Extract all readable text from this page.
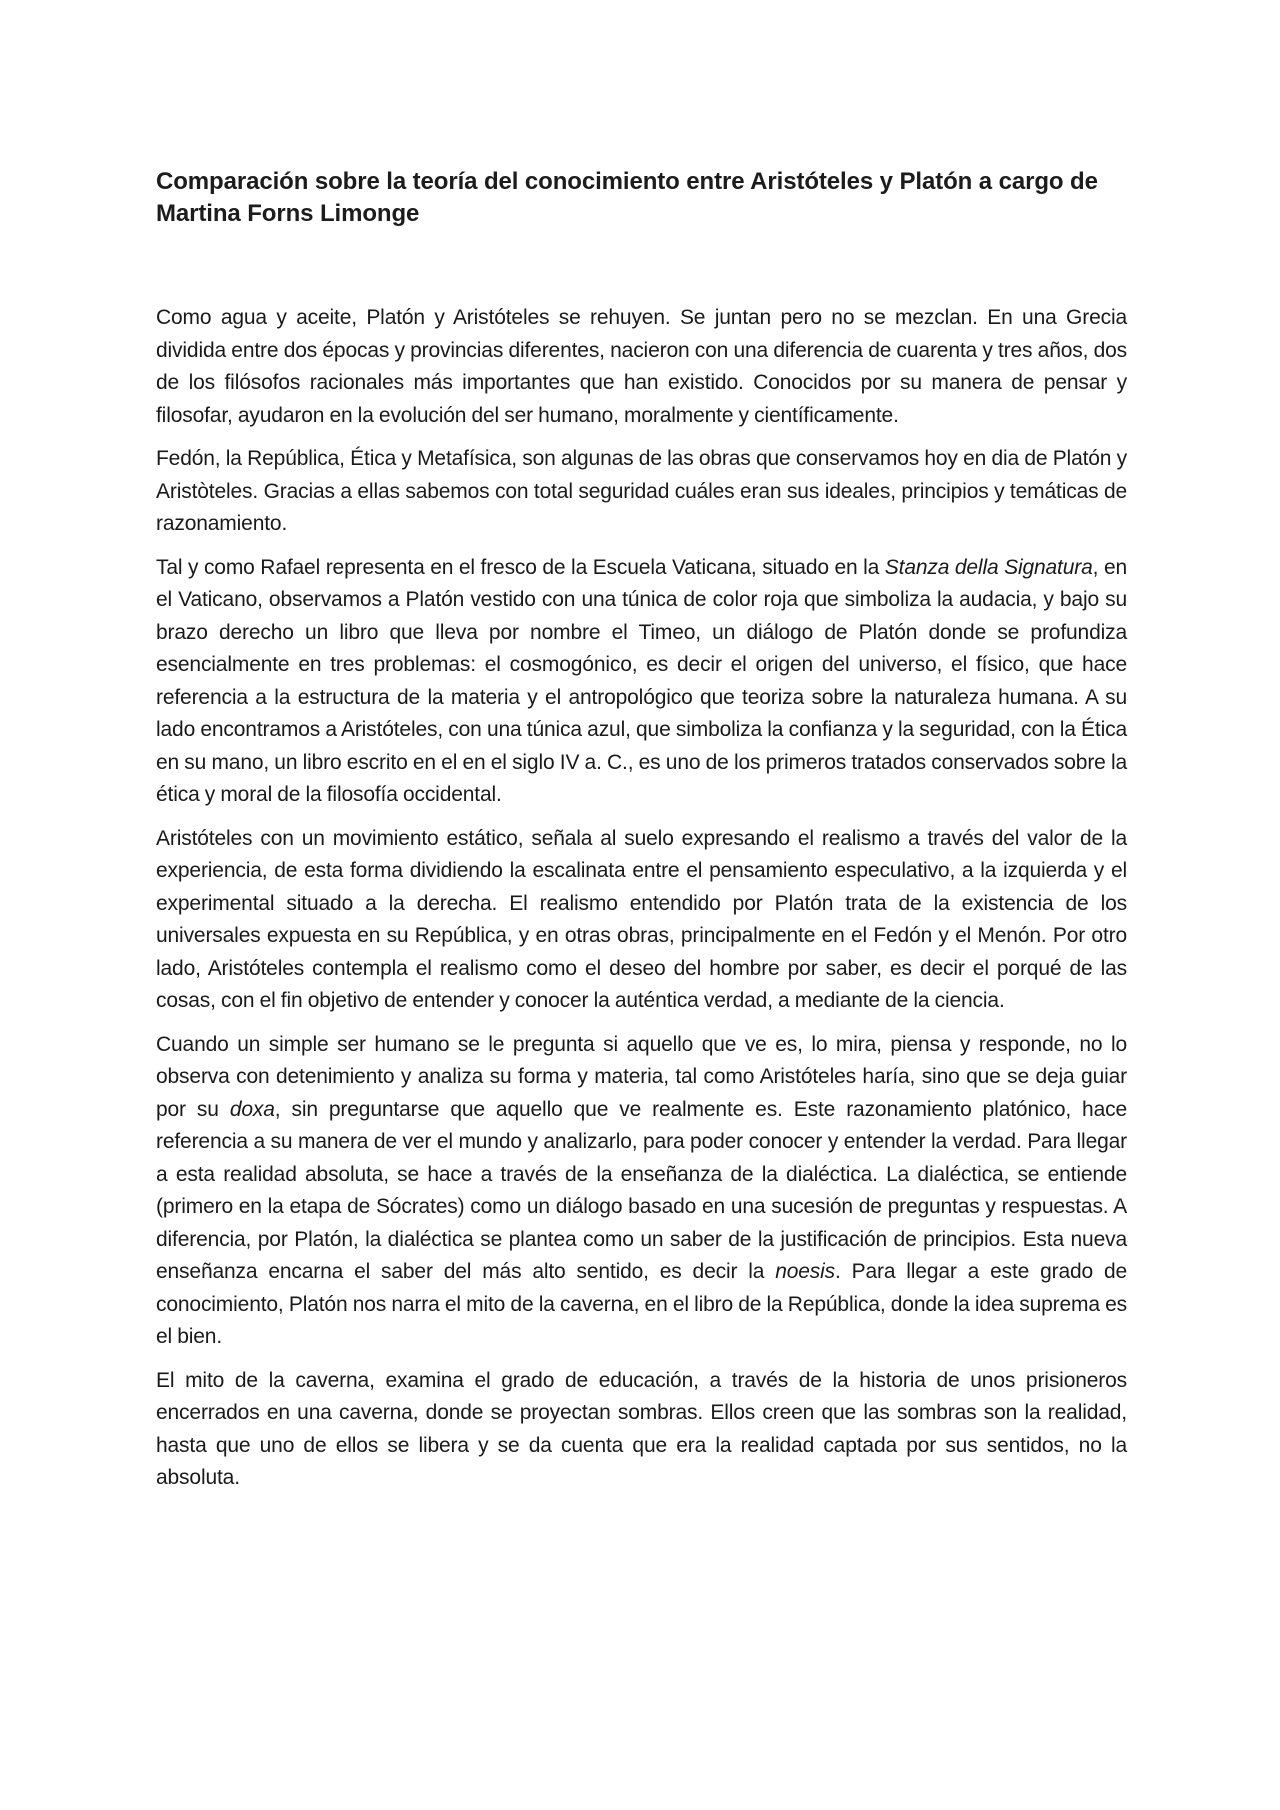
Comparación sobre la teoría del conocimiento entre Aristóteles y Platón a cargo de Martina Forns Limonge

Como agua y aceite, Platón y Aristóteles se rehuyen. Se juntan pero no se mezclan. En una Grecia dividida entre dos épocas y provincias diferentes, nacieron con una diferencia de cuarenta y tres años, dos de los filósofos racionales más importantes que han existido. Conocidos por su manera de pensar y filosofar, ayudaron en la evolución del ser humano, moralmente y científicamente.

Fedón, la República, Ética y Metafísica, son algunas de las obras que conservamos hoy en dia de Platón y Aristòteles. Gracias a ellas sabemos con total seguridad cuáles eran sus ideales, principios y temáticas de razonamiento.

Tal y como Rafael representa en el fresco de la Escuela Vaticana, situado en la Stanza della Signatura, en el Vaticano, observamos a Platón vestido con una túnica de color roja que simboliza la audacia, y bajo su brazo derecho un libro que lleva por nombre el Timeo, un diálogo de Platón donde se profundiza esencialmente en tres problemas: el cosmogónico, es decir el origen del universo, el físico, que hace referencia a la estructura de la materia y el antropológico que teoriza sobre la naturaleza humana. A su lado encontramos a Aristóteles, con una túnica azul, que simboliza la confianza y la seguridad, con la Ética en su mano, un libro escrito en el en el siglo IV a. C., es uno de los primeros tratados conservados sobre la ética y moral de la filosofía occidental.

Aristóteles con un movimiento estático, señala al suelo expresando el realismo a través del valor de la experiencia, de esta forma dividiendo la escalinata entre el pensamiento especulativo, a la izquierda y el experimental situado a la derecha. El realismo entendido por Platón trata de la existencia de los universales expuesta en su República, y en otras obras, principalmente en el Fedón y el Menón. Por otro lado, Aristóteles contempla el realismo como el deseo del hombre por saber, es decir el porqué de las cosas, con el fin objetivo de entender y conocer la auténtica verdad, a mediante de la ciencia.

Cuando un simple ser humano se le pregunta si aquello que ve es, lo mira, piensa y responde, no lo observa con detenimiento y analiza su forma y materia, tal como Aristóteles haría, sino que se deja guiar por su doxa, sin preguntarse que aquello que ve realmente es. Este razonamiento platónico, hace referencia a su manera de ver el mundo y analizarlo, para poder conocer y entender la verdad. Para llegar a esta realidad absoluta, se hace a través de la enseñanza de la dialéctica. La dialéctica, se entiende (primero en la etapa de Sócrates) como un diálogo basado en una sucesión de preguntas y respuestas. A diferencia, por Platón, la dialéctica se plantea como un saber de la justificación de principios. Esta nueva enseñanza encarna el saber del más alto sentido, es decir la noesis. Para llegar a este grado de conocimiento, Platón nos narra el mito de la caverna, en el libro de la República, donde la idea suprema es el bien.

El mito de la caverna, examina el grado de educación, a través de la historia de unos prisioneros encerrados en una caverna, donde se proyectan sombras. Ellos creen que las sombras son la realidad, hasta que uno de ellos se libera y se da cuenta que era la realidad captada por sus sentidos, no la absoluta.
